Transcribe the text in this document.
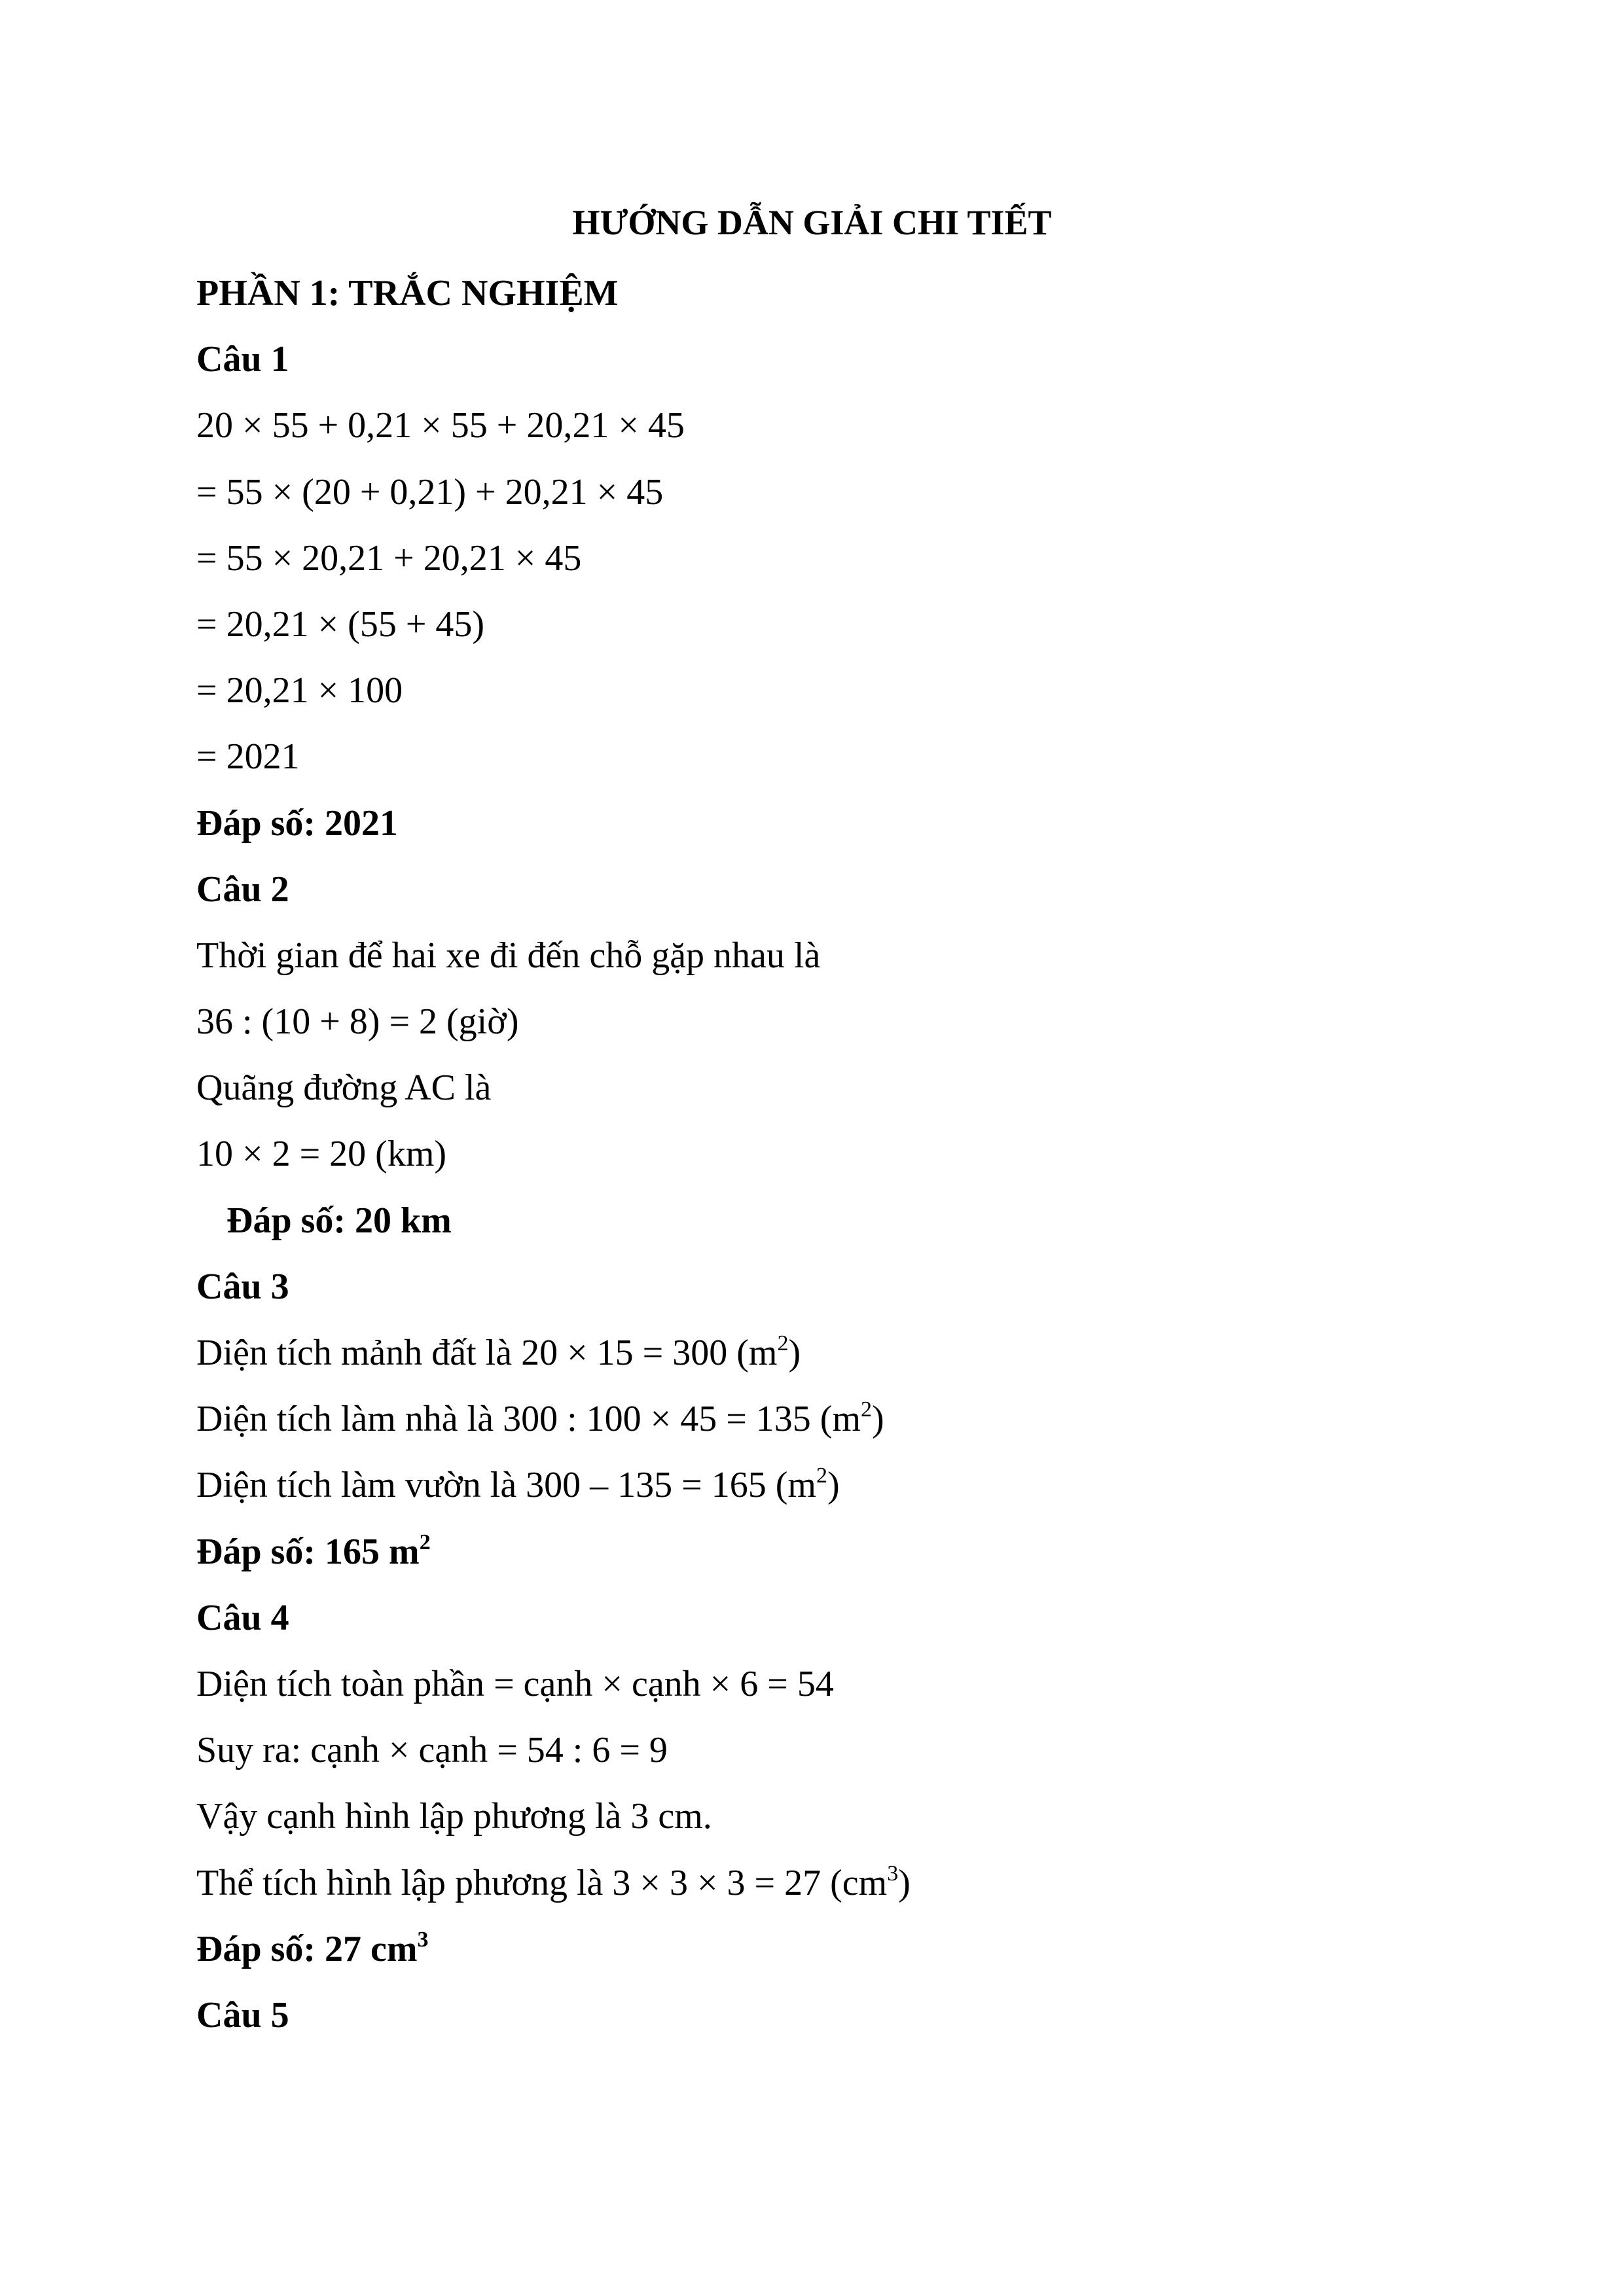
HƯỚNG DẪN GIẢI CHI TIẾT
PHẦN 1: TRẮC NGHIỆM
Câu 1
20 × 55 + 0,21 × 55 + 20,21 × 45
= 55 × (20 + 0,21) + 20,21 × 45
= 55 × 20,21 + 20,21 × 45
= 20,21 × (55 + 45)
= 20,21 × 100
= 2021
Đáp số: 2021
Câu 2
Thời gian để hai xe đi đến chỗ gặp nhau là
36 : (10 + 8) = 2 (giờ)
Quãng đường AC là
10 × 2 = 20 (km)
Đáp số: 20 km
Câu 3
Diện tích mảnh đất là 20 × 15 = 300 $(m^2)$
Diện tích làm nhà là 300 : 100 × 45 = 135 $(m^2)$
Diện tích làm vườn là 300 – 135 = 165 $(m^2)$
Đáp số: 165 $m^2$
Câu 4
Diện tích toàn phần = cạnh × cạnh × 6 = 54
Suy ra: cạnh × cạnh = 54 : 6 = 9
Vậy cạnh hình lập phương là 3 cm.
Thể tích hình lập phương là 3 × 3 × 3 = 27 $(cm^3)$
Đáp số: 27 $cm^3$
Câu 5
